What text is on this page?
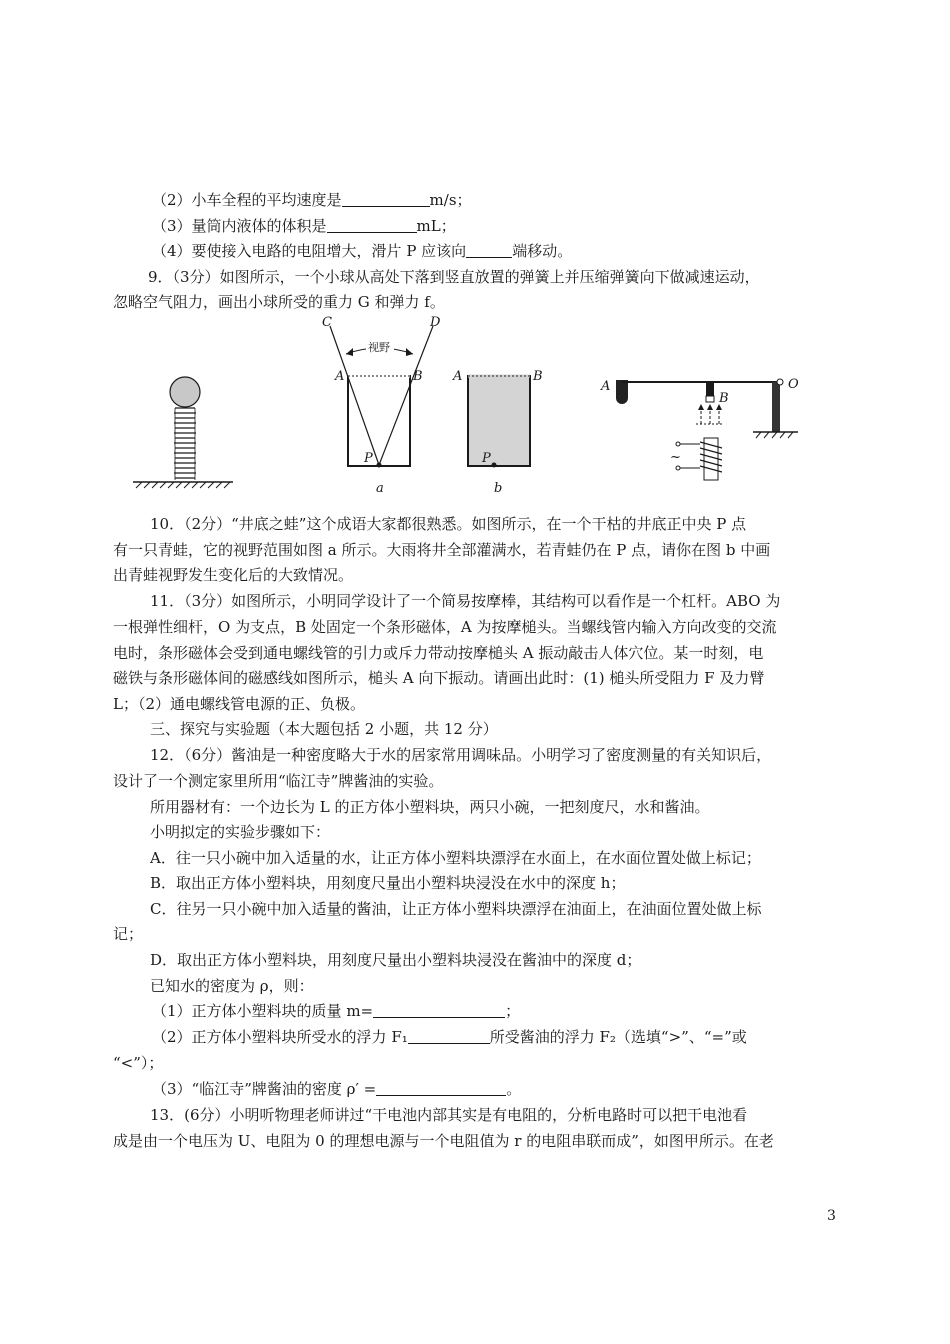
（2）小车全程的平均速度是	m/s；
（3）量筒内液体的体积是	mL；
（4）要使接入电路的电阻增大，滑片 P 应该向	端移动。
9．（3分）如图所示，一个小球从高处下落到竖直放置的弹簧上并压缩弹簧向下做减速运动，
忽略空气阻力，画出小球所受的重力 G 和弹力 f。
C	D
视野
A	B
P
a
A	B
P
b
A
B
O
~
10．（2分）“井底之蛙”这个成语大家都很熟悉。如图所示，在一个干枯的井底正中央 P 点
有一只青蛙，它的视野范围如图 a 所示。大雨将井全部灌满水，若青蛙仍在 P 点，请你在图 b 中画
出青蛙视野发生变化后的大致情况。
11．（3分）如图所示，小明同学设计了一个简易按摩棒，其结构可以看作是一个杠杆。ABO 为
一根弹性细杆，O 为支点，B 处固定一个条形磁体，A 为按摩槌头。当螺线管内输入方向改变的交流
电时，条形磁体会受到通电螺线管的引力或斥力带动按摩槌头 A 振动敲击人体穴位。某一时刻，电
磁铁与条形磁体间的磁感线如图所示，槌头 A 向下振动。请画出此时：(1) 槌头所受阻力 F 及力臂
L；（2）通电螺线管电源的正、负极。
三、探究与实验题（本大题包括 2 小题，共 12 分）
12．（6分）酱油是一种密度略大于水的居家常用调味品。小明学习了密度测量的有关知识后，
设计了一个测定家里所用“临江寺”牌酱油的实验。
所用器材有：一个边长为 L 的正方体小塑料块，两只小碗，一把刻度尺，水和酱油。
小明拟定的实验步骤如下：
A．往一只小碗中加入适量的水，让正方体小塑料块漂浮在水面上，在水面位置处做上标记；
B．取出正方体小塑料块，用刻度尺量出小塑料块浸没在水中的深度 h；
C．往另一只小碗中加入适量的酱油，让正方体小塑料块漂浮在油面上，在油面位置处做上标
记；
D．取出正方体小塑料块，用刻度尺量出小塑料块浸没在酱油中的深度 d；
已知水的密度为 ρ，则：
（1）正方体小塑料块的质量 m=	；
（2）正方体小塑料块所受水的浮力 F₁	所受酱油的浮力 F₂（选填“>”、“=”或
“<”）；
（3）“临江寺”牌酱油的密度 ρ′ =	。
13．(6分）小明听物理老师讲过“干电池内部其实是有电阻的，分析电路时可以把干电池看
成是由一个电压为 U、电阻为 0 的理想电源与一个电阻值为 r 的电阻串联而成”，如图甲所示。在老
3
